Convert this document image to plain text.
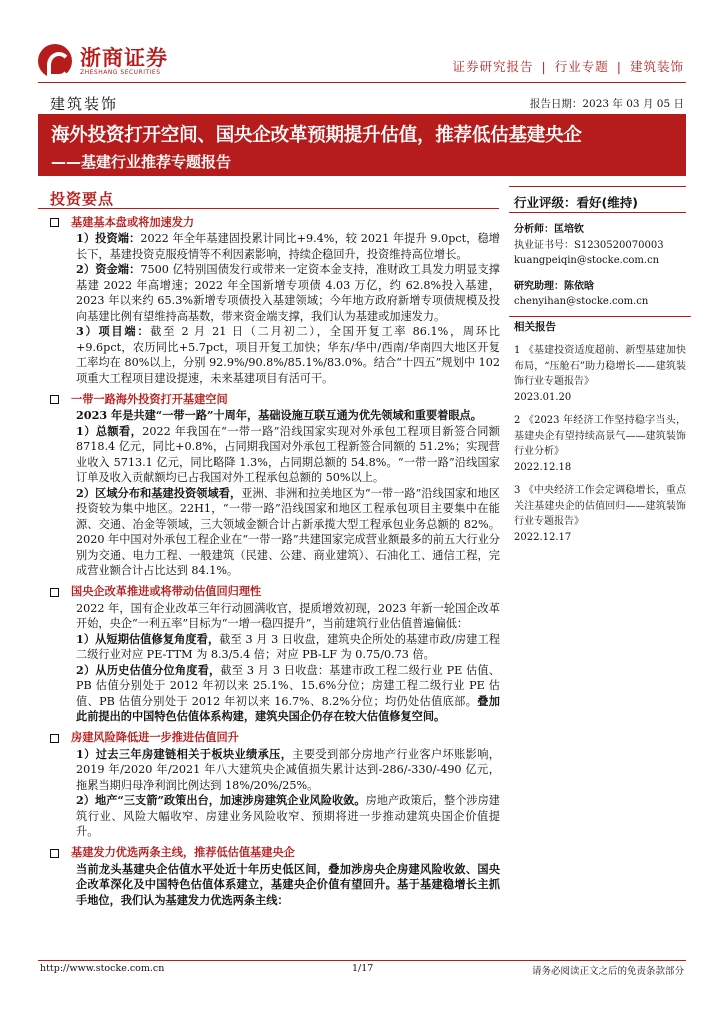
浙商证券
ZHESHANG SECURITIES	证券研究报告 | 行业专题 | 建筑装饰
建筑装饰	报告日期：2023 年 03 月 05 日
海外投资打开空间、国央企改革预期提升估值，推荐低估基建央企
——基建行业推荐专题报告
投资要点
基建基本盘或将加速发力

1）投资端：2022 年全年基建固投累计同比+9.4%，较 2021 年提升 9.0pct，稳增长下，基建投资克服疫情等不利因素影响，持续企稳回升，投资维持高位增长。

2）资金端：7500 亿特别国债发行或带来一定资本金支持，准财政工具发力明显支撑基建 2022 年高增速；2022 年全国新增专项债 4.03 万亿，约 62.8%投入基建，2023 年以来约 65.3%新增专项债投入基建领域；今年地方政府新增专项债规模及投向基建比例有望维持高基数，带来资金端支撑，我们认为基建或加速发力。

3）项目端：截至 2 月 21 日（二月初二），全国开复工率 86.1%，周环比+9.6pct，农历同比+5.7pct，项目开复工加快；华东/华中/西南/华南四大地区开复工率均在 80%以上，分别 92.9%/90.8%/85.1%/83.0%。结合“十四五”规划中 102 项重大工程项目建设提速，未来基建项目有活可干。

一带一路海外投资打开基建空间

2023 年是共建“一带一路”十周年，基础设施互联互通为优先领域和重要着眼点。

1）总额看，2022 年我国在“一带一路”沿线国家实现对外承包工程项目新签合同额 8718.4 亿元，同比+0.8%，占同期我国对外承包工程新签合同额的 51.2%；实现营业收入 5713.1 亿元，同比略降 1.3%，占同期总额的 54.8%。“一带一路”沿线国家订单及收入贡献额均已占我国对外工程承包总额的 50%以上。

2）区域分布和基建投资领域看，亚洲、非洲和拉美地区为“一带一路”沿线国家和地区投资较为集中地区。22H1，“一带一路”沿线国家和地区工程承包项目主要集中在能源、交通、冶金等领域，三大领域金额合计占新承揽大型工程承包业务总额的 82%。2020 年中国对外承包工程企业在“一带一路”共建国家完成营业额最多的前五大行业分别为交通、电力工程、一般建筑（民建、公建、商业建筑）、石油化工、通信工程，完成营业额合计占比达到 84.1%。

国央企改革推进或将带动估值回归理性

2022 年，国有企业改革三年行动圆满收官，提质增效初现，2023 年新一轮国企改革开始，央企“一利五率”目标为“一增一稳四提升”，当前建筑行业估值普遍偏低：

1）从短期估值修复角度看，截至 3 月 3 日收盘，建筑央企所处的基建市政/房建工程二级行业对应 PE-TTM 为 8.3/5.4 倍；对应 PB-LF 为 0.75/0.73 倍。

2）从历史估值分位角度看，截至 3 月 3 日收盘：基建市政工程二级行业 PE 估值、PB 估值分别处于 2012 年初以来 25.1%、15.6%分位；房建工程二级行业 PE 估值、PB 估值分别处于 2012 年初以来 16.7%、8.2%分位；均仍处估值底部。叠加此前提出的中国特色估值体系构建，建筑央国企仍存在较大估值修复空间。

房建风险降低进一步推进估值回升

1）过去三年房建链相关于板块业绩承压，主要受到部分房地产行业客户坏账影响，2019 年/2020 年/2021 年八大建筑央企减值损失累计达到-286/-330/-490 亿元，拖累当期归母净利润比例达到 18%/20%/25%。

2）地产“三支箭”政策出台，加速涉房建筑企业风险收敛。房地产政策后，整个涉房建筑行业、风险大幅收窄、房建业务风险收窄、预期将进一步推动建筑央国企价值提升。

基建发力优选两条主线，推荐低估值基建央企

当前龙头基建央企估值水平处近十年历史低区间，叠加涉房央企房建风险收敛、国央企改革深化及中国特色估值体系建立，基建央企价值有望回升。基于基建稳增长主抓手地位，我们认为基建发力优选两条主线：

行业评级：看好(维持)
分析师：匡培钦
执业证书号：S1230520070003
kuangpeiqin@stocke.com.cn
研究助理：陈依晗
chenyihan@stocke.com.cn
相关报告
1 《基建投资适度超前、新型基建加快布局，“压舱石”助力稳增长——建筑装饰行业专题报告》
2023.01.20
2 《2023 年经济工作坚持稳字当头，基建央企有望持续高景气——建筑装饰行业分析》
2022.12.18
3 《中央经济工作会定调稳增长，重点关注基建央企的估值回归——建筑装饰行业专题报告》
2022.12.17
http://www.stocke.com.cn	1/17	请务必阅读正文之后的免责条款部分
